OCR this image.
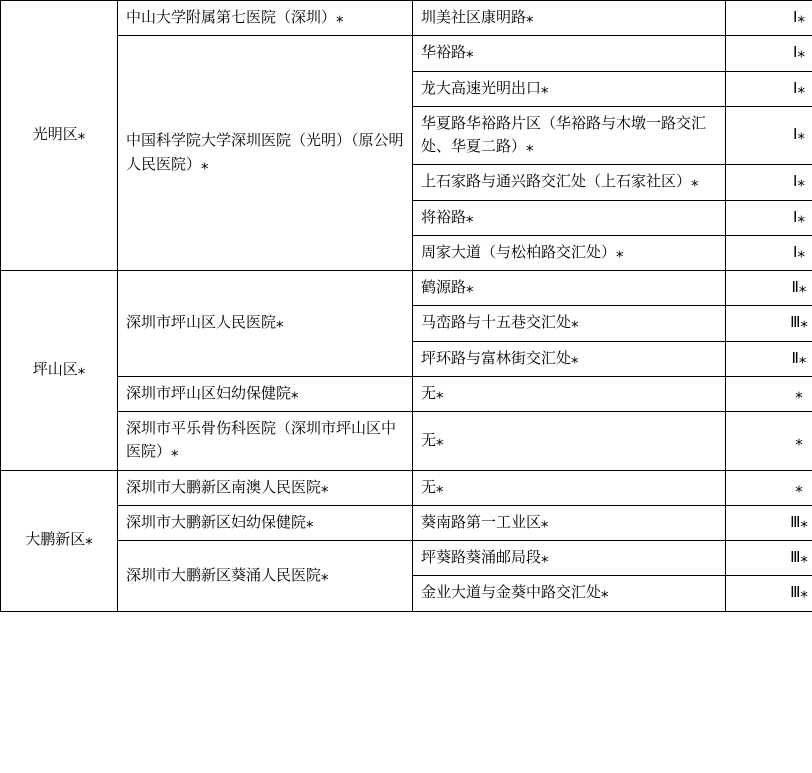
光明区⁎	中山大学附属第七医院（深圳）⁎	圳美社区康明路⁎	Ⅰ⁎
	中国科学院大学深圳医院（光明）（原公明人民医院）⁎	华裕路⁎	Ⅰ⁎
		龙大高速光明出口⁎	Ⅰ⁎
		华夏路华裕路片区（华裕路与木墩一路交汇处、华夏二路）⁎	Ⅰ⁎
		上石家路与通兴路交汇处（上石家社区）⁎	Ⅰ⁎
		将裕路⁎	Ⅰ⁎
		周家大道（与松柏路交汇处）⁎	Ⅰ⁎
坪山区⁎	深圳市坪山区人民医院⁎	鹤源路⁎	Ⅱ⁎
		马峦路与十五巷交汇处⁎	Ⅲ⁎
		坪环路与富林街交汇处⁎	Ⅱ⁎
	深圳市坪山区妇幼保健院⁎	无⁎	⁎
	深圳市平乐骨伤科医院（深圳市坪山区中医院）⁎	无⁎	⁎
大鹏新区⁎	深圳市大鹏新区南澳人民医院⁎	无⁎	⁎
	深圳市大鹏新区妇幼保健院⁎	葵南路第一工业区⁎	Ⅲ⁎
	深圳市大鹏新区葵涌人民医院⁎	坪葵路葵涌邮局段⁎	Ⅲ⁎
		金业大道与金葵中路交汇处⁎	Ⅲ⁎
